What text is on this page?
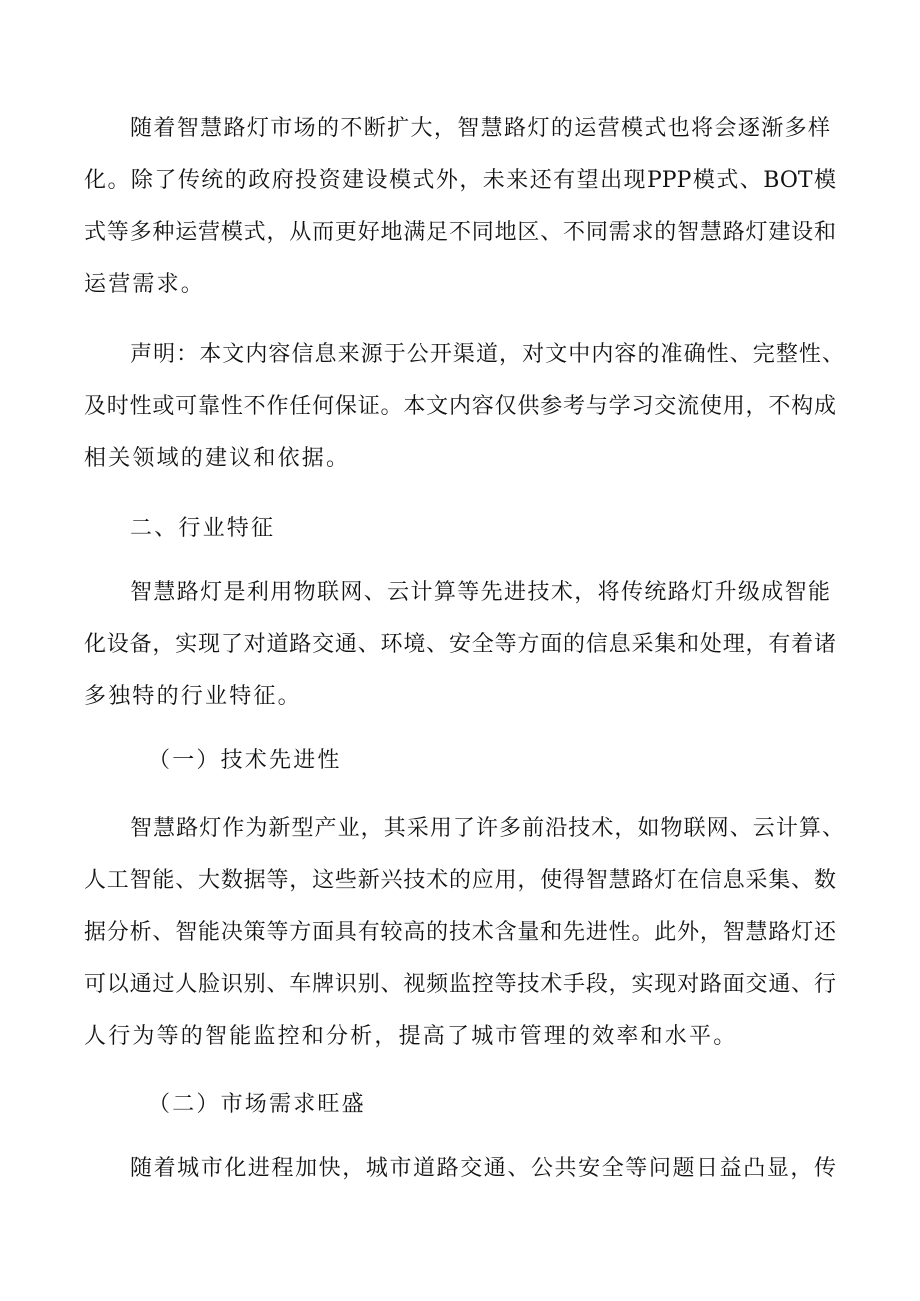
随着智慧路灯市场的不断扩大，智慧路灯的运营模式也将会逐渐多样
化。除了传统的政府投资建设模式外，未来还有望出现PPP模式、BOT模
式等多种运营模式，从而更好地满足不同地区、不同需求的智慧路灯建设和
运营需求。
声明：本文内容信息来源于公开渠道，对文中内容的准确性、完整性、
及时性或可靠性不作任何保证。本文内容仅供参考与学习交流使用，不构成
相关领域的建议和依据。
二、行业特征
智慧路灯是利用物联网、云计算等先进技术，将传统路灯升级成智能
化设备，实现了对道路交通、环境、安全等方面的信息采集和处理，有着诸
多独特的行业特征。
（一）技术先进性
智慧路灯作为新型产业，其采用了许多前沿技术，如物联网、云计算、
人工智能、大数据等，这些新兴技术的应用，使得智慧路灯在信息采集、数
据分析、智能决策等方面具有较高的技术含量和先进性。此外，智慧路灯还
可以通过人脸识别、车牌识别、视频监控等技术手段，实现对路面交通、行
人行为等的智能监控和分析，提高了城市管理的效率和水平。
（二）市场需求旺盛
随着城市化进程加快，城市道路交通、公共安全等问题日益凸显，传
